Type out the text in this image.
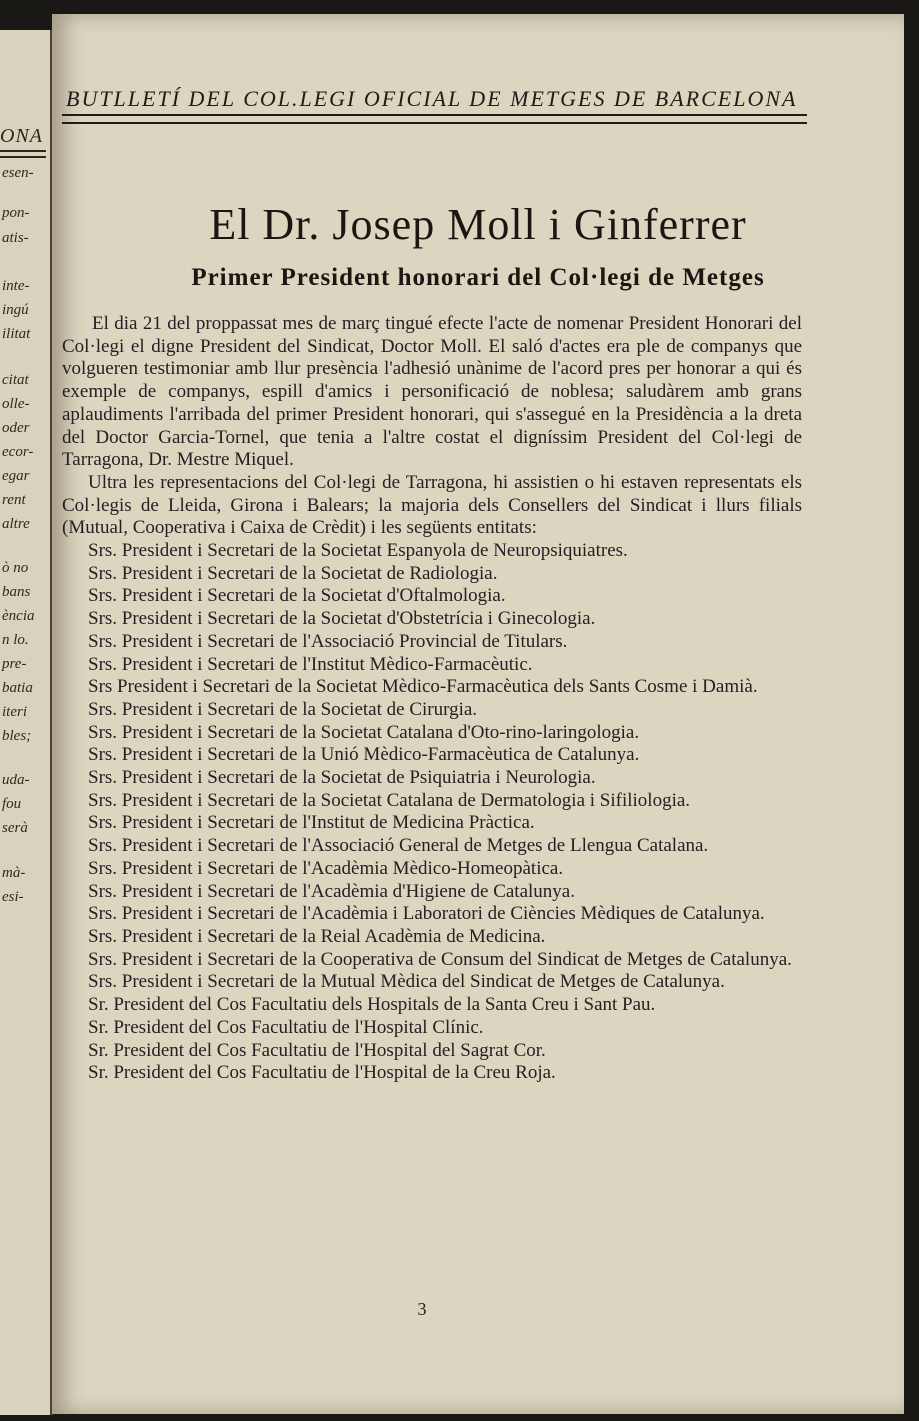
ONA
esen-
pon-
atis-
inte-
ingú
ilitat
citat
olle-
oder
ecor-
egar
rent
altre
ò no
bans
ència
n lo.
pre-
batia
iteri
bles;
uda-
fou
serà
mà-
esi-
BUTLLETÍ DEL COL.LEGI OFICIAL DE METGES DE BARCELONA
El Dr. Josep Moll i Ginferrer
Primer President honorari del Col·legi de Metges

El dia 21 del proppassat mes de març tingué efecte l'acte de nomenar President Honorari del Col·legi el digne President del Sindicat, Doctor Moll. El saló d'actes era ple de companys que volgueren testimoniar amb llur presència l'adhesió unànime de l'acord pres per honorar a qui és exemple de companys, espill d'amics i personificació de noblesa; saludàrem amb grans aplaudiments l'arribada del primer President honorari, qui s'assegué en la Presidència a la dreta del Doctor Garcia-Tornel, que tenia a l'altre costat el digníssim President del Col·legi de Tarragona, Dr. Mestre Miquel.

Ultra les representacions del Col·legi de Tarragona, hi assistien o hi estaven representats els Col·legis de Lleida, Girona i Balears; la majoria dels Consellers del Sindicat i llurs filials (Mutual, Cooperativa i Caixa de Crèdit) i les següents entitats:

Srs. President i Secretari de la Societat Espanyola de Neuropsiquiatres.

Srs. President i Secretari de la Societat de Radiologia.

Srs. President i Secretari de la Societat d'Oftalmologia.

Srs. President i Secretari de la Societat d'Obstetrícia i Ginecologia.

Srs. President i Secretari de l'Associació Provincial de Titulars.

Srs. President i Secretari de l'Institut Mèdico-Farmacèutic.

Srs President i Secretari de la Societat Mèdico-Farmacèutica dels Sants Cosme i Damià.

Srs. President i Secretari de la Societat de Cirurgia.

Srs. President i Secretari de la Societat Catalana d'Oto-rino-laringologia.

Srs. President i Secretari de la Unió Mèdico-Farmacèutica de Catalunya.

Srs. President i Secretari de la Societat de Psiquiatria i Neurologia.

Srs. President i Secretari de la Societat Catalana de Dermatologia i Sifiliologia.

Srs. President i Secretari de l'Institut de Medicina Pràctica.

Srs. President i Secretari de l'Associació General de Metges de Llengua Catalana.

Srs. President i Secretari de l'Acadèmia Mèdico-Homeopàtica.

Srs. President i Secretari de l'Acadèmia d'Higiene de Catalunya.

Srs. President i Secretari de l'Acadèmia i Laboratori de Ciències Mèdiques de Catalunya.

Srs. President i Secretari de la Reial Acadèmia de Medicina.

Srs. President i Secretari de la Cooperativa de Consum del Sindicat de Metges de Catalunya.

Srs. President i Secretari de la Mutual Mèdica del Sindicat de Metges de Catalunya.

Sr. President del Cos Facultatiu dels Hospitals de la Santa Creu i Sant Pau.

Sr. President del Cos Facultatiu de l'Hospital Clínic.

Sr. President del Cos Facultatiu de l'Hospital del Sagrat Cor.

Sr. President del Cos Facultatiu de l'Hospital de la Creu Roja.

3
